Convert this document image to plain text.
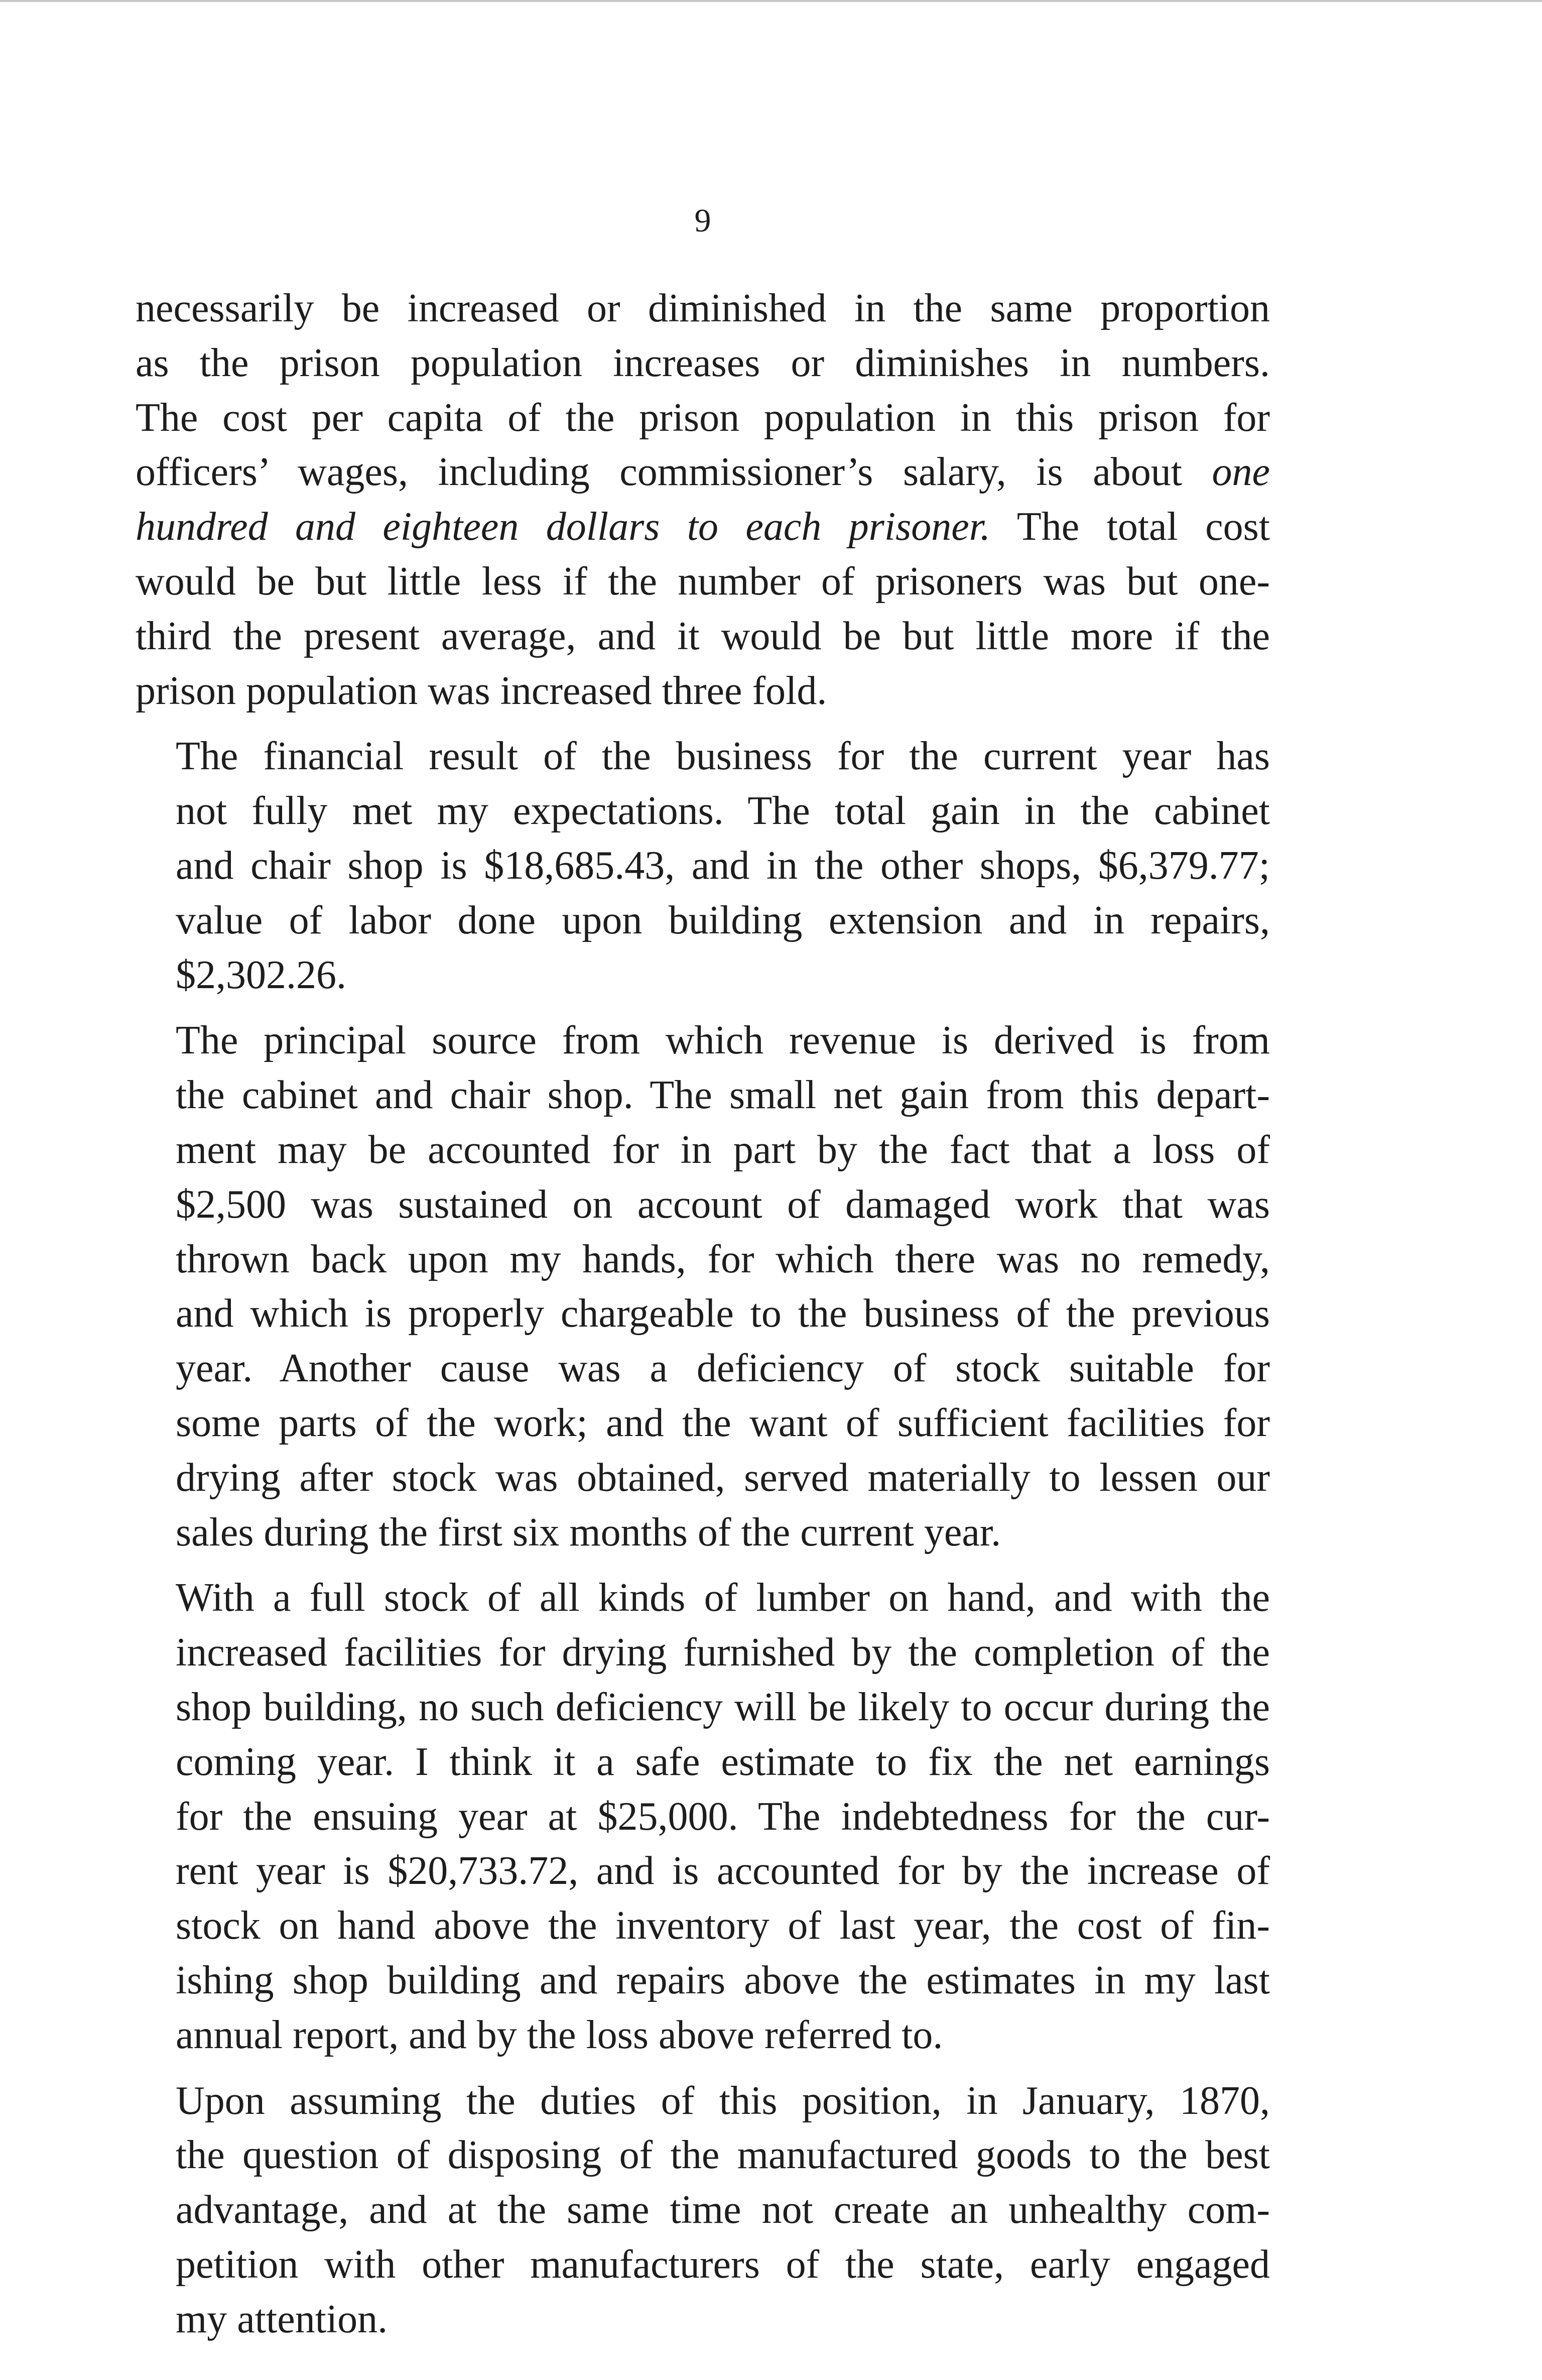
9

necessarily be increased or diminished in the same proportion
as the prison population increases or diminishes in numbers.
The cost per capita of the prison population in this prison for
officers’ wages, including commissioner’s salary, is about one
hundred and eighteen dollars to each prisoner. The total cost
would be but little less if the number of prisoners was but one-
third the present average, and it would be but little more if the
prison population was increased three fold.

The financial result of the business for the current year has
not fully met my expectations. The total gain in the cabinet
and chair shop is $18,685.43, and in the other shops, $6,379.77;
value of labor done upon building extension and in repairs,
$2,302.26.

The principal source from which revenue is derived is from
the cabinet and chair shop. The small net gain from this depart-
ment may be accounted for in part by the fact that a loss of
$2,500 was sustained on account of damaged work that was
thrown back upon my hands, for which there was no remedy,
and which is properly chargeable to the business of the previous
year. Another cause was a deficiency of stock suitable for
some parts of the work; and the want of sufficient facilities for
drying after stock was obtained, served materially to lessen our
sales during the first six months of the current year.

With a full stock of all kinds of lumber on hand, and with the
increased facilities for drying furnished by the completion of the
shop building, no such deficiency will be likely to occur during the
coming year. I think it a safe estimate to fix the net earnings
for the ensuing year at $25,000. The indebtedness for the cur-
rent year is $20,733.72, and is accounted for by the increase of
stock on hand above the inventory of last year, the cost of fin-
ishing shop building and repairs above the estimates in my last
annual report, and by the loss above referred to.

Upon assuming the duties of this position, in January, 1870,
the question of disposing of the manufactured goods to the best
advantage, and at the same time not create an unhealthy com-
petition with other manufacturers of the state, early engaged
my attention.
